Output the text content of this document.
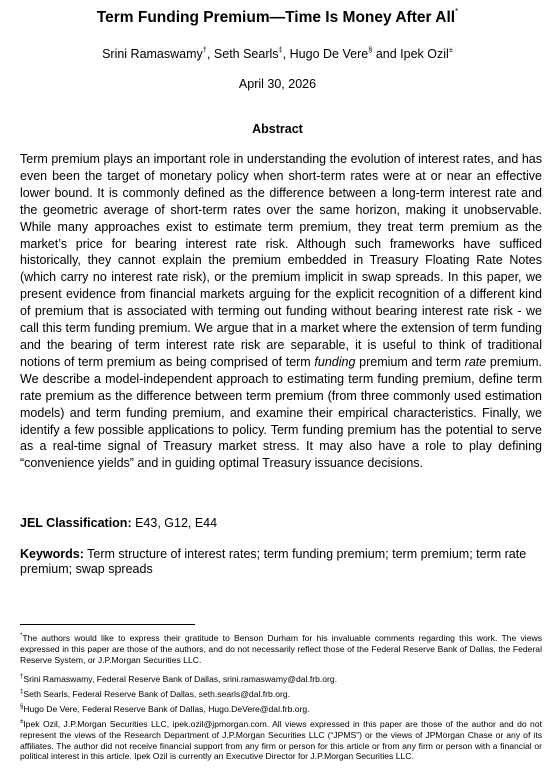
Term Funding Premium—Time Is Money After All*
Srini Ramaswamy†, Seth Searls‡, Hugo De Vere§ and Ipek Ozil±
April 30, 2026
Abstract

Term premium plays an important role in understanding the evolution of interest rates, and has even been the target of monetary policy when short-term rates were at or near an effective lower bound. It is commonly defined as the difference between a long-term interest rate and the geometric average of short-term rates over the same horizon, making it unobservable. While many approaches exist to estimate term premium, they treat term premium as the market’s price for bearing interest rate risk. Although such frameworks have sufficed historically, they cannot explain the premium embedded in Treasury Floating Rate Notes (which carry no interest rate risk), or the premium implicit in swap spreads. In this paper, we present evidence from financial markets arguing for the explicit recognition of a different kind of premium that is associated with terming out funding without bearing interest rate risk - we call this term funding premium. We argue that in a market where the extension of term funding and the bearing of term interest rate risk are separable, it is useful to think of traditional notions of term premium as being comprised of term funding premium and term rate premium. We describe a model-independent approach to estimating term funding premium, define term rate premium as the difference between term premium (from three commonly used estimation models) and term funding premium, and examine their empirical characteristics. Finally, we identify a few possible applications to policy. Term funding premium has the potential to serve as a real-time signal of Treasury market stress. It may also have a role to play defining “convenience yields” and in guiding optimal Treasury issuance decisions.

JEL Classification: E43, G12, E44
Keywords: Term structure of interest rates; term funding premium; term premium; term rate premium; swap spreads
*The authors would like to express their gratitude to Benson Durham for his invaluable comments regarding this work. The views expressed in this paper are those of the authors, and do not necessarily reflect those of the Federal Reserve Bank of Dallas, the Federal Reserve System, or J.P.Morgan Securities LLC.
†Srini Ramaswamy, Federal Reserve Bank of Dallas, srini.ramaswamy@dal.frb.org.
‡Seth Searls, Federal Reserve Bank of Dallas, seth.searls@dal.frb.org.
§Hugo De Vere, Federal Reserve Bank of Dallas, Hugo.DeVere@dal.frb.org.
±Ipek Ozil, J.P.Morgan Securities LLC, ipek.ozil@jpmorgan.com. All views expressed in this paper are those of the author and do not represent the views of the Research Department of J.P.Morgan Securities LLC (“JPMS”) or the views of JPMorgan Chase or any of its affiliates. The author did not receive financial support from any firm or person for this article or from any firm or person with a financial or political interest in this article. Ipek Ozil is currently an Executive Director for J.P.Morgan Securities LLC.
